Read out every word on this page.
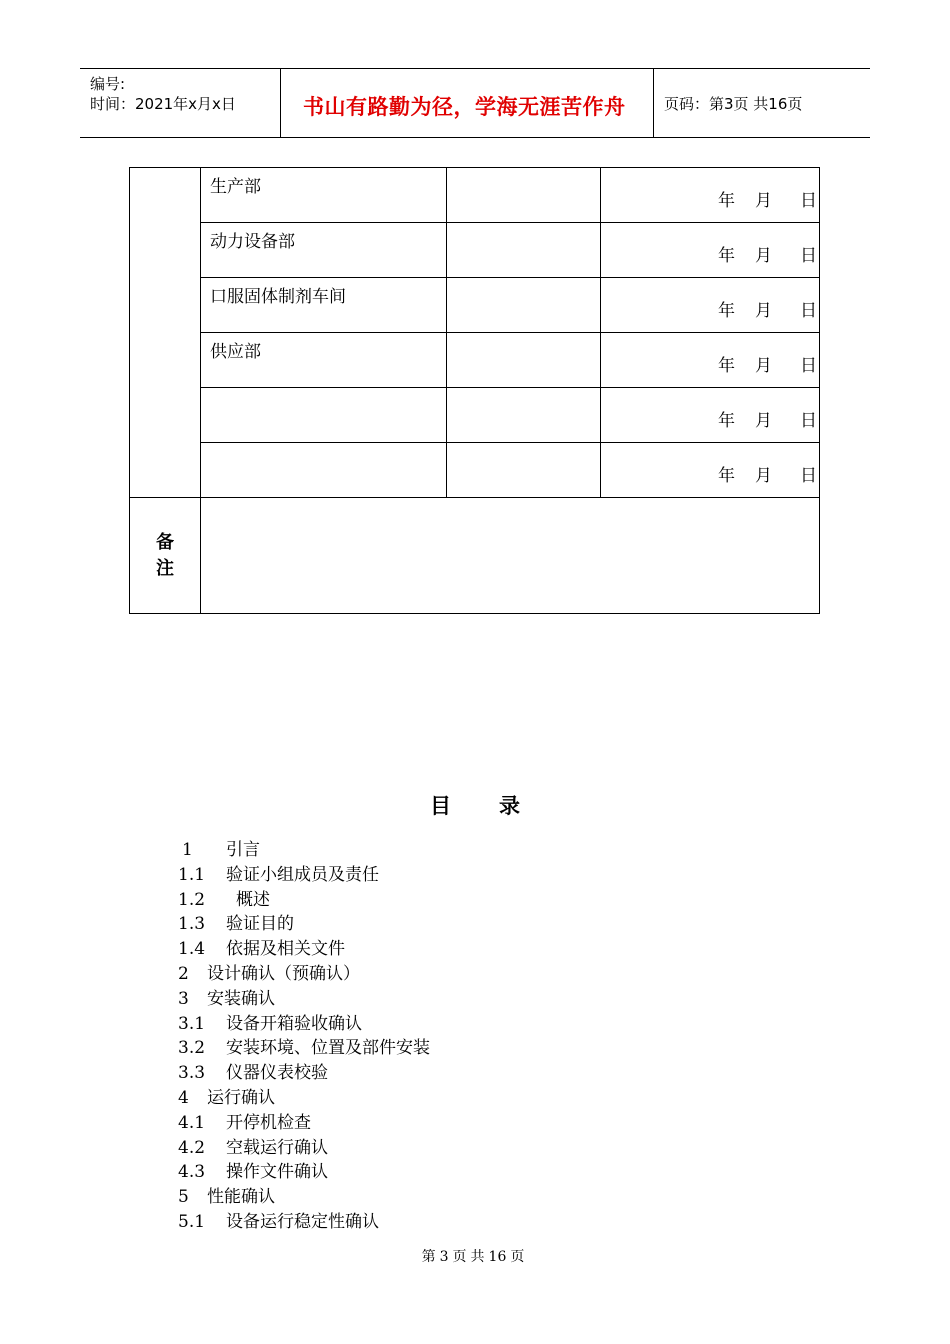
编号:
时间：2021年x月x日	书山有路勤为径，学海无涯苦作舟	页码：第3页 共16页

	生产部		年 月 日

	动力设备部		年 月 日

	口服固体制剂车间		年 月 日

	供应部		年 月 日

			年 月 日

			年 月 日

备
注			

目 录
1 引言
1.1 验证小组成员及责任
1.2 概述
1.3 验证目的
1.4 依据及相关文件
2 设计确认（预确认）
3 安装确认
3.1 设备开箱验收确认
3.2 安装环境、位置及部件安装
3.3 仪器仪表校验
4 运行确认
4.1 开停机检查
4.2 空载运行确认
4.3 操作文件确认
5 性能确认
5.1 设备运行稳定性确认
第 3 页 共 16 页
